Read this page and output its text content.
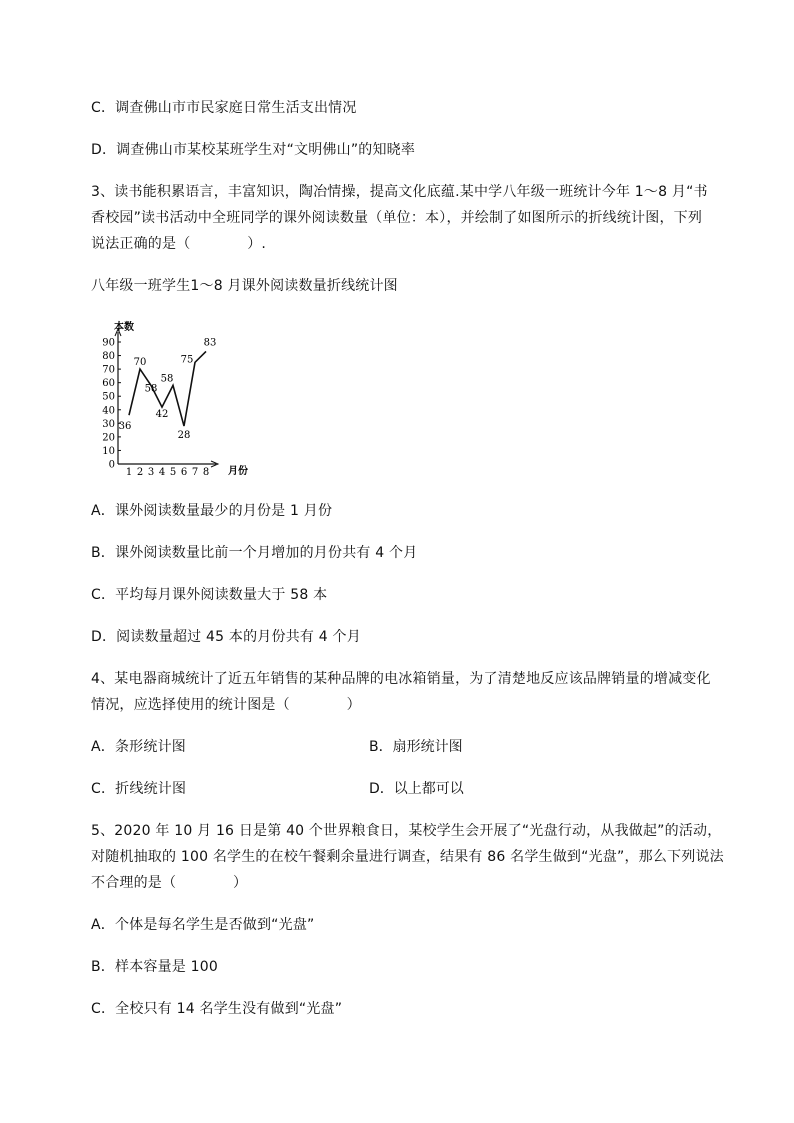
C．调查佛山市市民家庭日常生活支出情况
D．调查佛山市某校某班学生对“文明佛山”的知晓率
3、读书能积累语言，丰富知识，陶冶情操，提高文化底蕴.某中学八年级一班统计今年 1～8 月“书
香校园”读书活动中全班同学的课外阅读数量（单位：本），并绘制了如图所示的折线统计图，下列
说法正确的是（　　　　）.
八年级一班学生1～8 月课外阅读数量折线统计图
0
10
20
30
40
50
60
70
80
90
1 2 3 4 5 6 7 8
36
70
58
42
58
28
75
83
本数
月份
A．课外阅读数量最少的月份是 1 月份
B．课外阅读数量比前一个月增加的月份共有 4 个月
C．平均每月课外阅读数量大于 58 本
D．阅读数量超过 45 本的月份共有 4 个月
4、某电器商城统计了近五年销售的某种品牌的电冰箱销量，为了清楚地反应该品牌销量的增减变化
情况，应选择使用的统计图是（　　　　）
A．条形统计图	B．扇形统计图
C．折线统计图	D．以上都可以
5、2020 年 10 月 16 日是第 40 个世界粮食日，某校学生会开展了“光盘行动，从我做起”的活动，
对随机抽取的 100 名学生的在校午餐剩余量进行调查，结果有 86 名学生做到“光盘”，那么下列说法
不合理的是（　　　　）
A．个体是每名学生是否做到“光盘”
B．样本容量是 100
C．全校只有 14 名学生没有做到“光盘”
